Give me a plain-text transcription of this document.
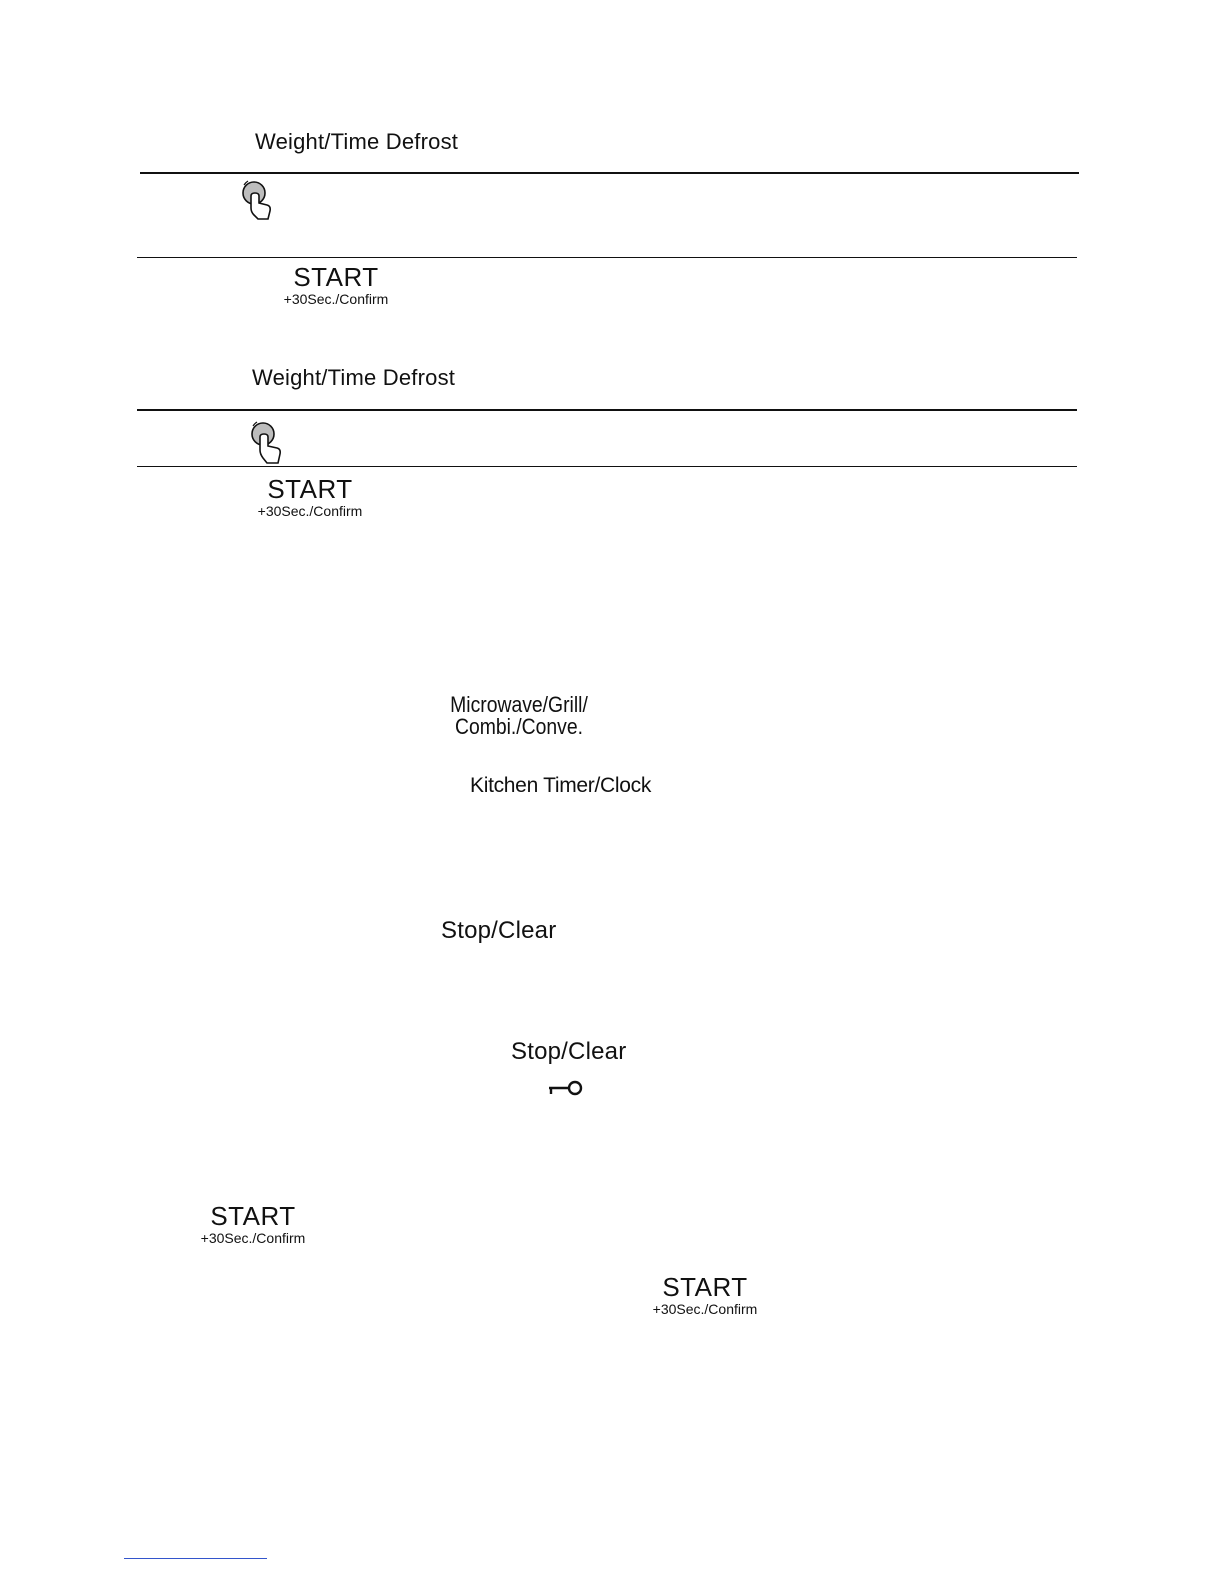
Weight/Time Defrost
START
+30Sec./Confirm
Weight/Time Defrost
START
+30Sec./Confirm
Microwave/Grill/
Combi./Conve.
Kitchen Timer/Clock
Stop/Clear
Stop/Clear
START
+30Sec./Confirm
START
+30Sec./Confirm
